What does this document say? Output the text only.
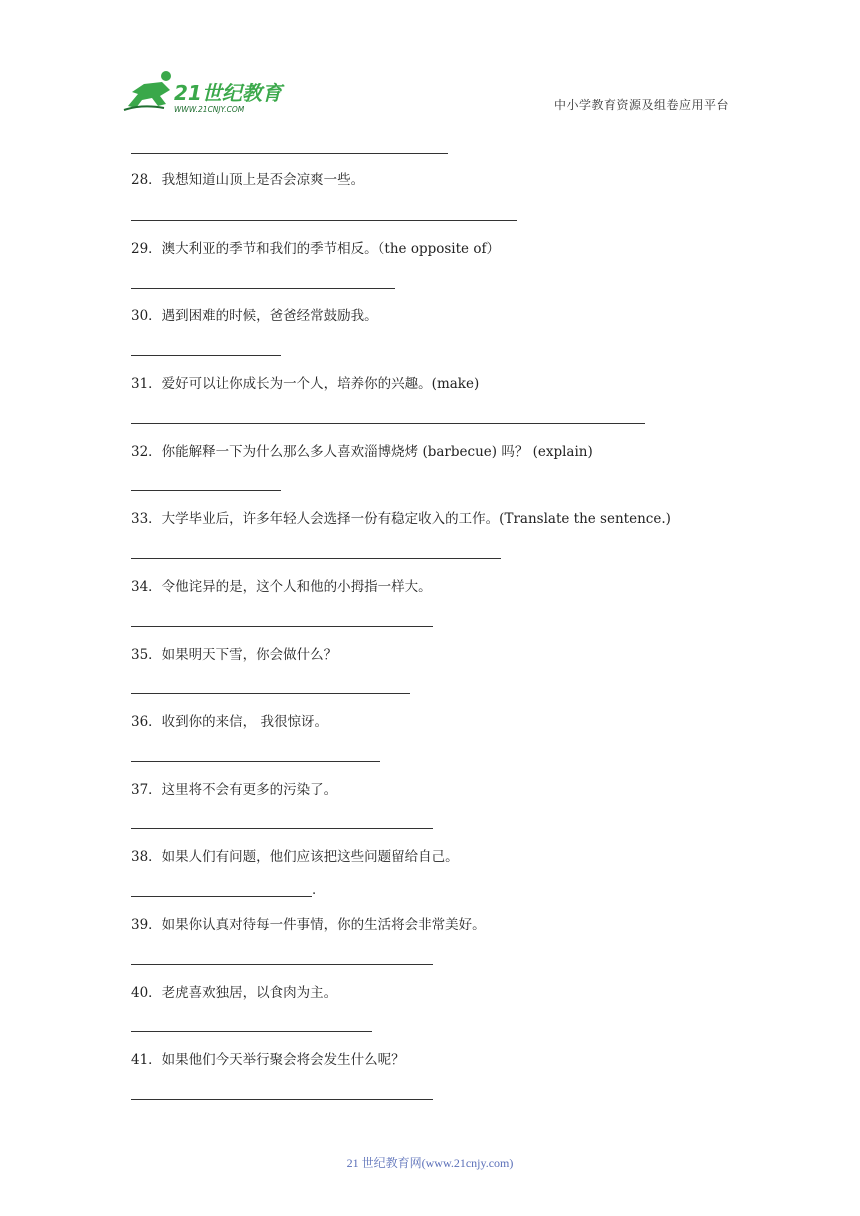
21世纪教育
WWW.21CNJY.COM	中小学教育资源及组卷应用平台
28．我想知道山顶上是否会凉爽一些。
29．澳大利亚的季节和我们的季节相反。（the opposite of）
30．遇到困难的时候，爸爸经常鼓励我。
31．爱好可以让你成长为一个人，培养你的兴趣。(make)
32．你能解释一下为什么那么多人喜欢淄博烧烤 (barbecue) 吗？ (explain)
33．大学毕业后，许多年轻人会选择一份有稳定收入的工作。(Translate the sentence.)
34．令他诧异的是，这个人和他的小拇指一样大。
35．如果明天下雪，你会做什么？
36．收到你的来信， 我很惊讶。
37．这里将不会有更多的污染了。
38．如果人们有问题，他们应该把这些问题留给自己。
.
39．如果你认真对待每一件事情，你的生活将会非常美好。
40．老虎喜欢独居，以食肉为主。
41．如果他们今天举行聚会将会发生什么呢？
21 世纪教育网(www.21cnjy.com)
